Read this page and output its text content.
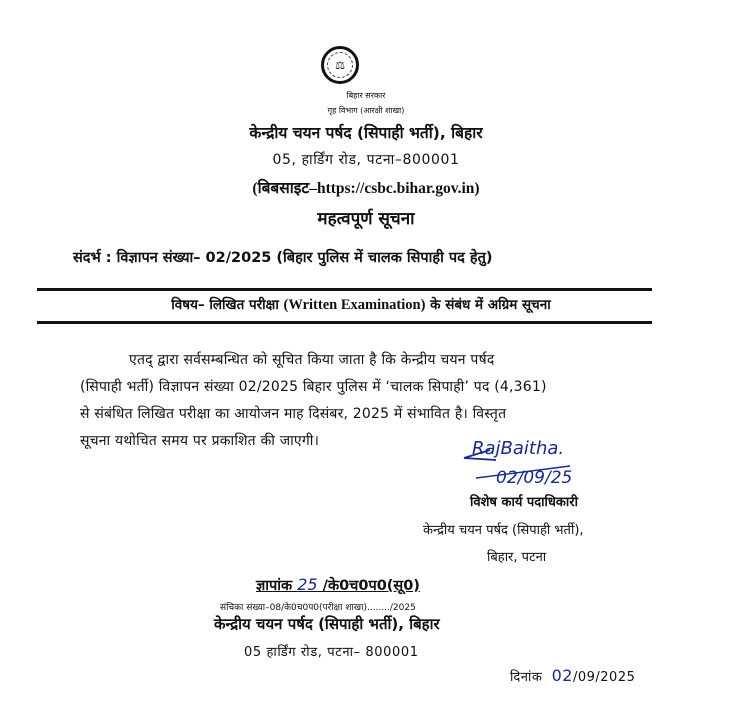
⚖
बिहार सरकार
गृह विभाग (आरक्षी शाखा)
केन्द्रीय चयन पर्षद (सिपाही भर्ती), बिहार
05, हार्डिंग रोड, पटना–800001
(बिबसाइट–https://csbc.bihar.gov.in)
महत्वपूर्ण सूचना
संदर्भ : विज्ञापन संख्या– 02/2025 (बिहार पुलिस में चालक सिपाही पद हेतु)
विषय– लिखित परीक्षा (Written Examination) के संबंध में अग्रिम सूचना
एतद् द्वारा सर्वसम्बन्धित को सूचित किया जाता है कि केन्द्रीय चयन पर्षद
(सिपाही भर्ती) विज्ञापन संख्या 02/2025 बिहार पुलिस में ‘चालक सिपाही’ पद (4,361)
से संबंधित लिखित परीक्षा का आयोजन माह दिसंबर, 2025 में संभावित है। विस्तृत
सूचना यथोचित समय पर प्रकाशित की जाएगी।	RajBaitha.
02/09/25
विशेष कार्य पदाधिकारी
केन्द्रीय चयन पर्षद (सिपाही भर्ती),
बिहार, पटना
ज्ञापांक 25 /के0च0प0(सू0)
संचिका संख्या–08/के0च0प0(परीक्षा शाखा)......../2025
केन्द्रीय चयन पर्षद (सिपाही भर्ती), बिहार
05 हार्डिंग रोड, पटना– 800001
दिनांक 02/09/2025
